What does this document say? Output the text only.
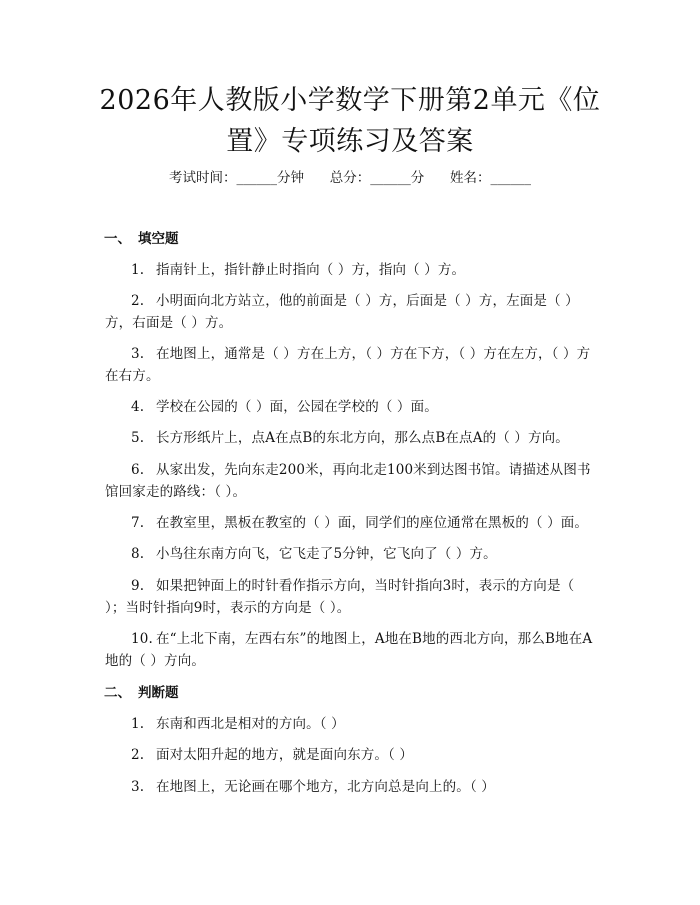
2026年人教版小学数学下册第2单元《位置》专项练习及答案
考试时间：______分钟 总分：______分 姓名：______
一、 填空题
1. 指南针上，指针静止时指向（ ）方，指向（ ）方。
2. 小明面向北方站立，他的前面是（ ）方，后面是（ ）方，左面是（ ）方，右面是（ ）方。
3. 在地图上，通常是（ ）方在上方，（ ）方在下方，（ ）方在左方，（ ）方在右方。
4. 学校在公园的（ ）面，公园在学校的（ ）面。
5. 长方形纸片上，点A在点B的东北方向，那么点B在点A的（ ）方向。
6. 从家出发，先向东走200米，再向北走100米到达图书馆。请描述从图书馆回家走的路线：（ ）。
7. 在教室里，黑板在教室的（ ）面，同学们的座位通常在黑板的（ ）面。
8. 小鸟往东南方向飞，它飞走了5分钟，它飞向了（ ）方。
9. 如果把钟面上的时针看作指示方向，当时针指向3时，表示的方向是（ ）；当时针指向9时，表示的方向是（ ）。
10. 在“上北下南，左西右东”的地图上，A地在B地的西北方向，那么B地在A地的（ ）方向。
二、 判断题
1. 东南和西北是相对的方向。（ ）
2. 面对太阳升起的地方，就是面向东方。（ ）
3. 在地图上，无论画在哪个地方，北方向总是向上的。（ ）
